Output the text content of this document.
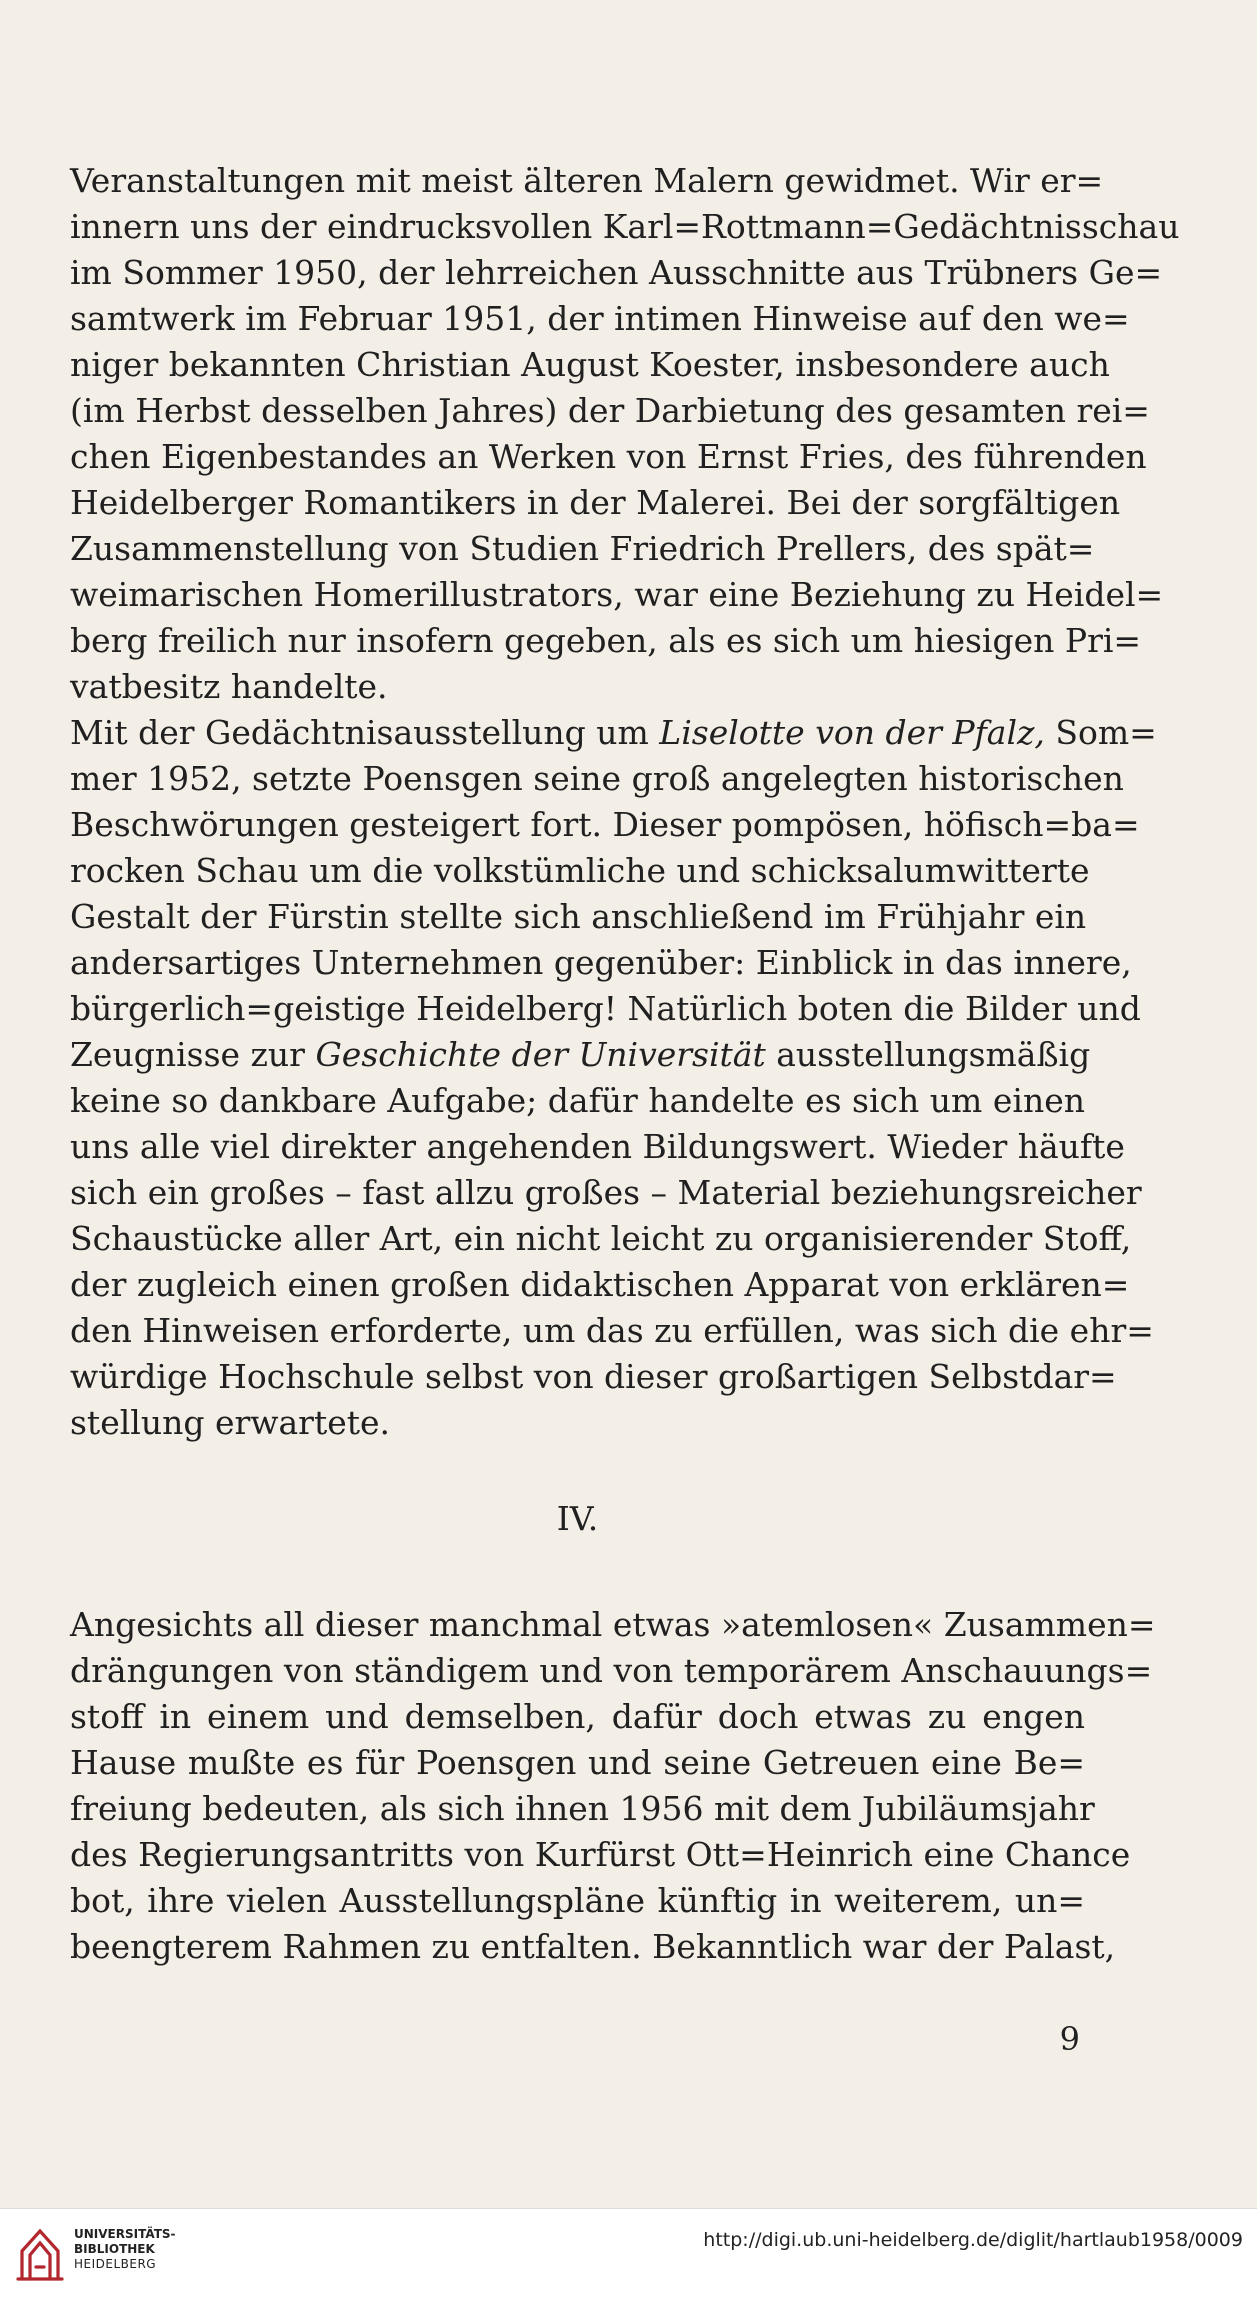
Veranstaltungen mit meist älteren Malern gewidmet. Wir er=
innern uns der eindrucksvollen Karl=Rottmann=Gedächtnisschau
im Sommer 1950, der lehrreichen Ausschnitte aus Trübners Ge=
samtwerk im Februar 1951, der intimen Hinweise auf den we=
niger bekannten Christian August Koester, insbesondere auch
(im Herbst desselben Jahres) der Darbietung des gesamten rei=
chen Eigenbestandes an Werken von Ernst Fries, des führenden
Heidelberger Romantikers in der Malerei. Bei der sorgfältigen
Zusammenstellung von Studien Friedrich Prellers, des spät=
weimarischen Homerillustrators, war eine Beziehung zu Heidel=
berg freilich nur insofern gegeben, als es sich um hiesigen Pri=
vatbesitz handelte.
Mit der Gedächtnisausstellung um Liselotte von der Pfalz, Som=
mer 1952, setzte Poensgen seine groß angelegten historischen
Beschwörungen gesteigert fort. Dieser pompösen, höfisch=ba=
rocken Schau um die volkstümliche und schicksalumwitterte
Gestalt der Fürstin stellte sich anschließend im Frühjahr ein
andersartiges Unternehmen gegenüber: Einblick in das innere,
bürgerlich=geistige Heidelberg! Natürlich boten die Bilder und
Zeugnisse zur Geschichte der Universität ausstellungsmäßig
keine so dankbare Aufgabe; dafür handelte es sich um einen
uns alle viel direkter angehenden Bildungswert. Wieder häufte
sich ein großes – fast allzu großes – Material beziehungsreicher
Schaustücke aller Art, ein nicht leicht zu organisierender Stoff,
der zugleich einen großen didaktischen Apparat von erklären=
den Hinweisen erforderte, um das zu erfüllen, was sich die ehr=
würdige Hochschule selbst von dieser großartigen Selbstdar=
stellung erwartete.
IV.
Angesichts all dieser manchmal etwas »atemlosen« Zusammen=
drängungen von ständigem und von temporärem Anschauungs=
stoff in einem und demselben, dafür doch etwas zu engen
Hause mußte es für Poensgen und seine Getreuen eine Be=
freiung bedeuten, als sich ihnen 1956 mit dem Jubiläumsjahr
des Regierungsantritts von Kurfürst Ott=Heinrich eine Chance
bot, ihre vielen Ausstellungspläne künftig in weiterem, un=
beengterem Rahmen zu entfalten. Bekanntlich war der Palast,
9
UNIVERSITÄTS-
BIBLIOTHEK
HEIDELBERG
http://digi.ub.uni-heidelberg.de/diglit/hartlaub1958/0009
